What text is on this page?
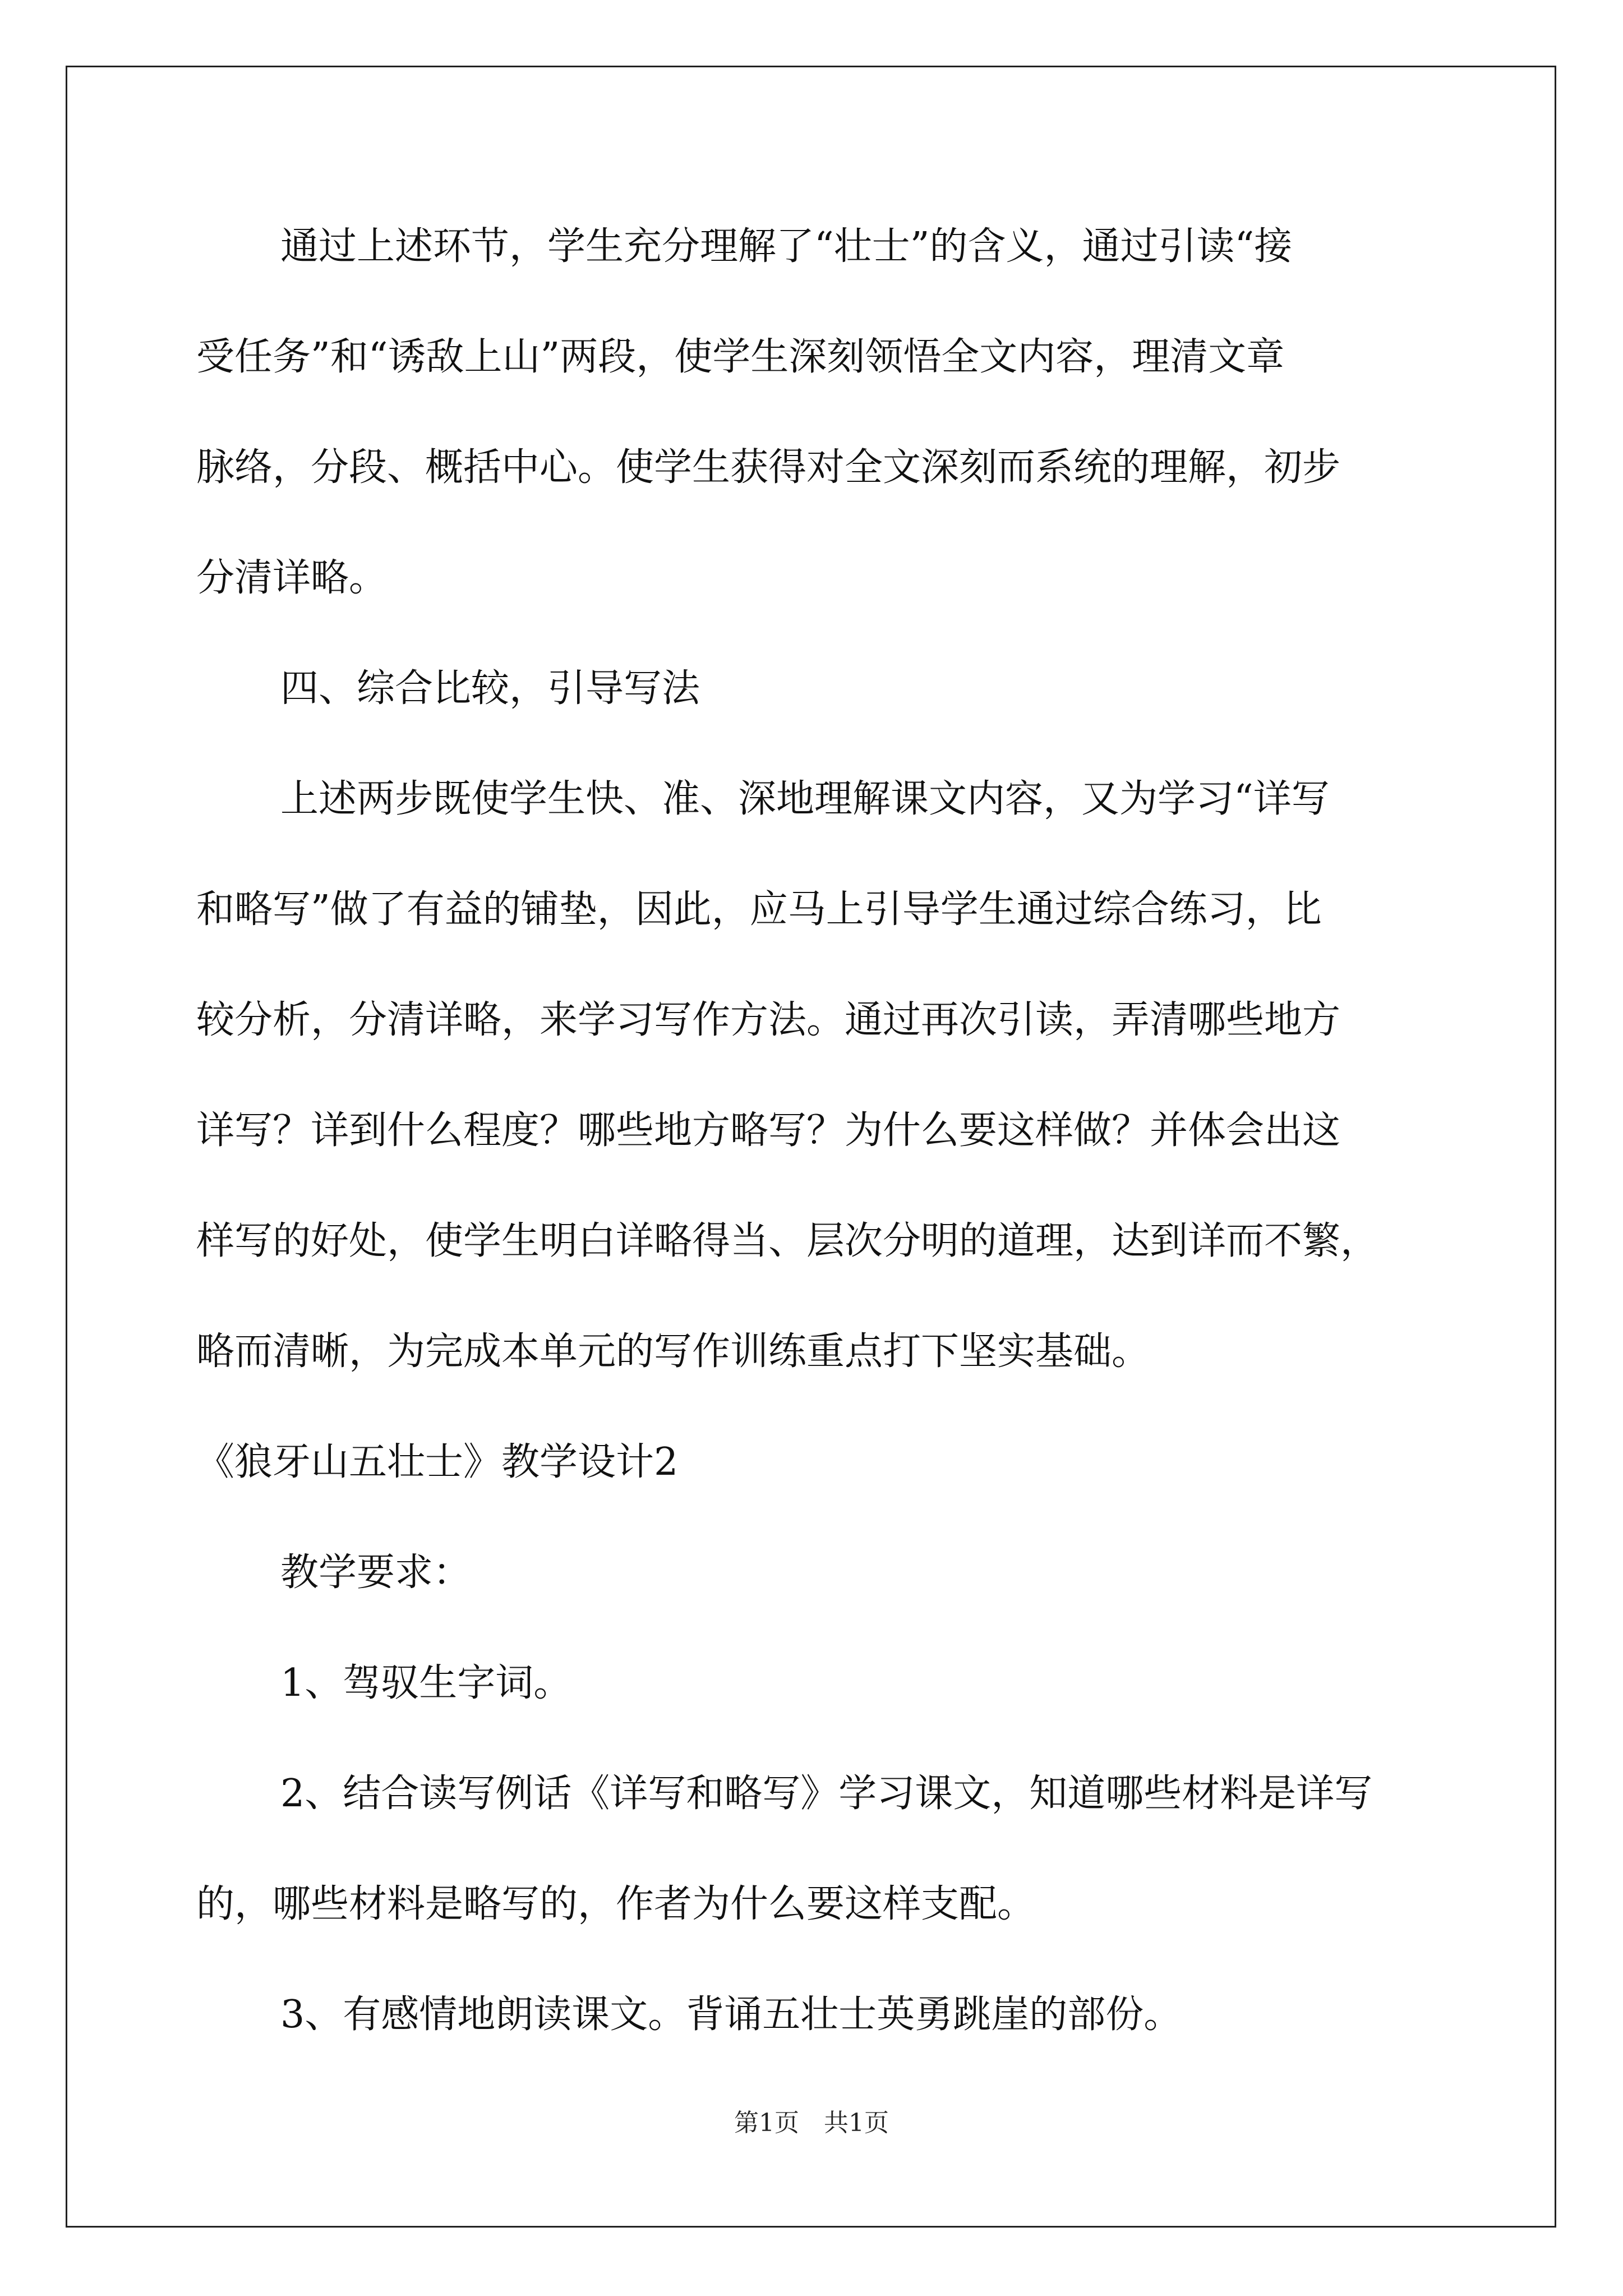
通过上述环节，学生充分理解了“壮士”的含义，通过引读“接
受任务”和“诱敌上山”两段，使学生深刻领悟全文内容，理清文章
脉络，分段、概括中心。使学生获得对全文深刻而系统的理解，初步
分清详略。
四、综合比较，引导写法
上述两步既使学生快、准、深地理解课文内容，又为学习“详写
和略写”做了有益的铺垫，因此，应马上引导学生通过综合练习，比
较分析，分清详略，来学习写作方法。通过再次引读，弄清哪些地方
详写？详到什么程度？哪些地方略写？为什么要这样做？并体会出这
样写的好处，使学生明白详略得当、层次分明的道理，达到详而不繁，
略而清晰，为完成本单元的写作训练重点打下坚实基础。
《狼牙山五壮士》教学设计2
教学要求：
1、驾驭生字词。
2、结合读写例话《详写和略写》学习课文，知道哪些材料是详写
的，哪些材料是略写的，作者为什么要这样支配。
3、有感情地朗读课文。背诵五壮士英勇跳崖的部份。
第1页　共1页
